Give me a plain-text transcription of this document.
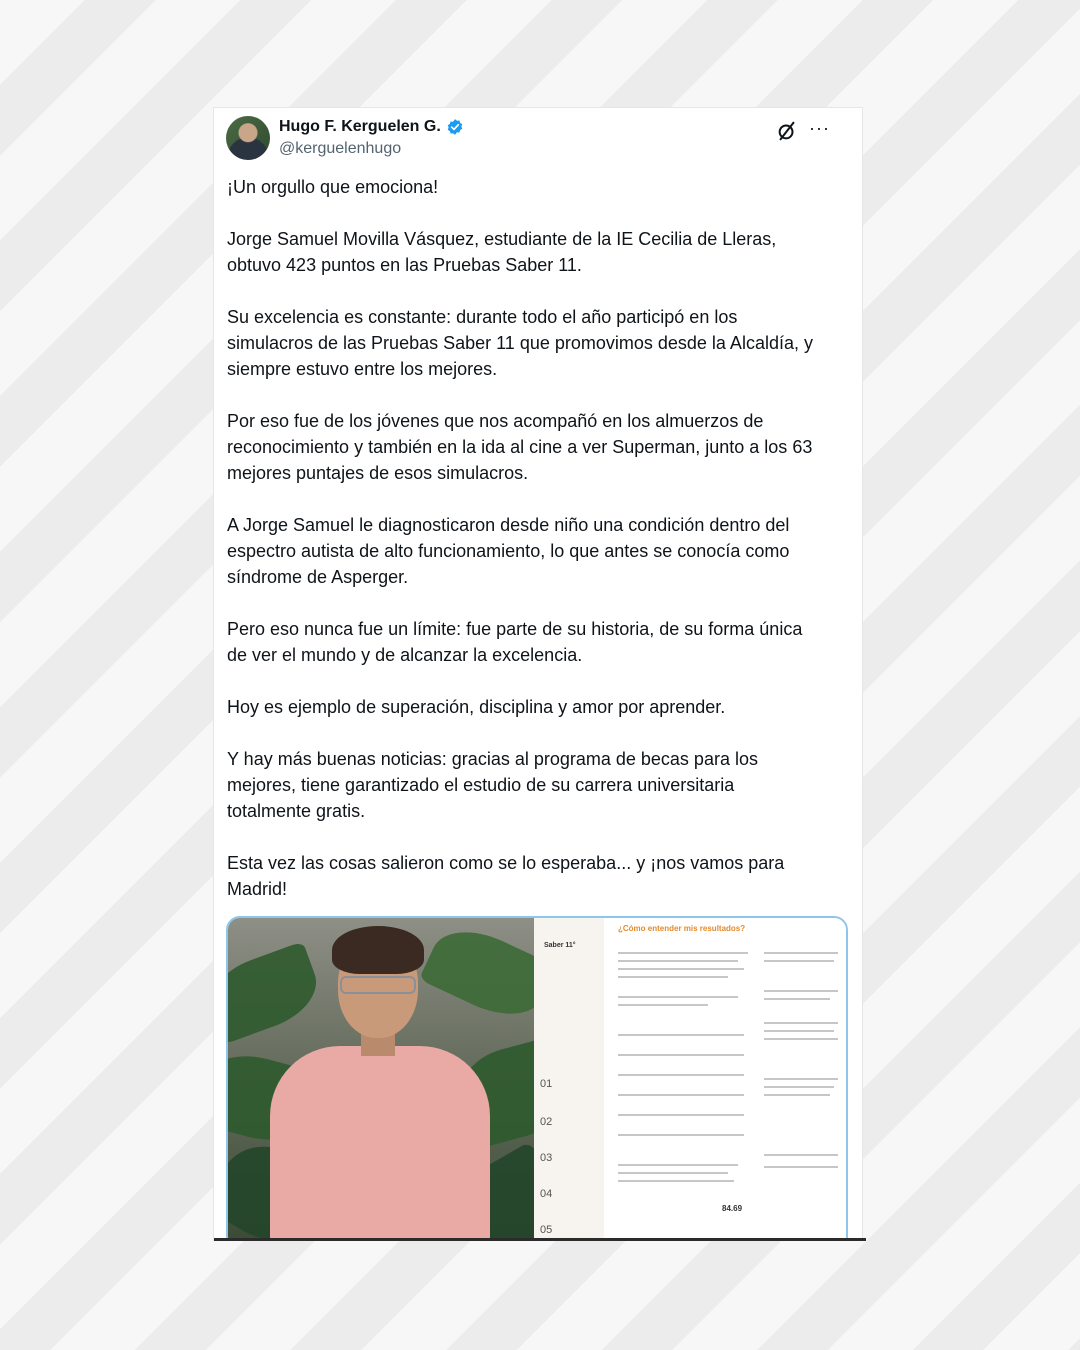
Hugo F. Kerguelen G.
@kerguelenhugo
···
¡Un orgullo que emociona!

Jorge Samuel Movilla Vásquez, estudiante de la IE Cecilia de Lleras,
obtuvo 423 puntos en las Pruebas Saber 11.

Su excelencia es constante: durante todo el año participó en los
simulacros de las Pruebas Saber 11 que promovimos desde la Alcaldía, y
siempre estuvo entre los mejores.

Por eso fue de los jóvenes que nos acompañó en los almuerzos de
reconocimiento y también en la ida al cine a ver Superman, junto a los 63
mejores puntajes de esos simulacros.

A Jorge Samuel le diagnosticaron desde niño una condición dentro del
espectro autista de alto funcionamiento, lo que antes se conocía como
síndrome de Asperger.

Pero eso nunca fue un límite: fue parte de su historia, de su forma única
de ver el mundo y de alcanzar la excelencia.

Hoy es ejemplo de superación, disciplina y amor por aprender.

Y hay más buenas noticias: gracias al programa de becas para los
mejores, tiene garantizado el estudio de su carrera universitaria
totalmente gratis.

Esta vez las cosas salieron como se lo esperaba... y ¡nos vamos para
Madrid!
Saber 11°
¿Cómo entender mis resultados?
01
02
03
04
05
84.69
